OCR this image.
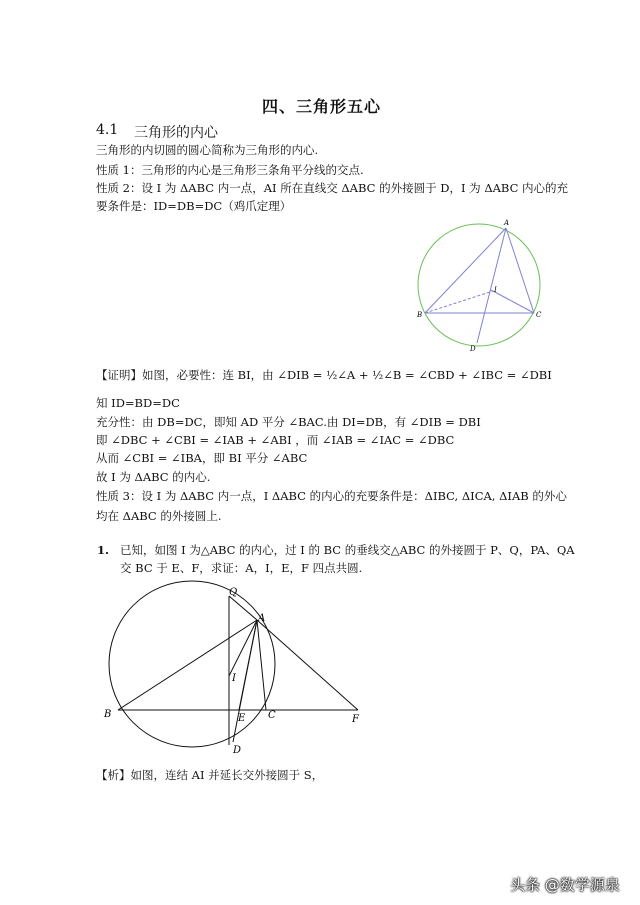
四、三角形五心
4.1 三角形的内心
三角形的内切圆的圆心简称为三角形的内心.
性质 1：三角形的内心是三角形三条角平分线的交点.
性质 2：设 I 为 ΔABC 内一点，AI 所在直线交 ΔABC 的外接圆于 D，I 为 ΔABC 内心的充
要条件是：ID=DB=DC（鸡爪定理）
A
I
B	C
D
【证明】如图，必要性：连 BI，由 ∠DIB = ½∠A + ½∠B = ∠CBD + ∠IBC = ∠DBI
知 ID=BD=DC
充分性：由 DB=DC，即知 AD 平分 ∠BAC.由 DI=DB，有 ∠DIB = DBI
即 ∠DBC + ∠CBI = ∠IAB + ∠ABI ，而 ∠IAB = ∠IAC = ∠DBC
从而 ∠CBI = ∠IBA，即 BI 平分 ∠ABC
故 I 为 ΔABC 的内心.
性质 3：设 I 为 ΔABC 内一点，I ΔABC 的内心的充要条件是：ΔIBC, ΔICA, ΔIAB 的外心
均在 ΔABC 的外接圆上.
1. 已知，如图 I 为△ABC 的内心，过 I 的 BC 的垂线交△ABC 的外接圆于 P、Q，PA、QA
交 BC 于 E、F，求证：A，I，E，F 四点共圆.
Q
A
I
B	E C	F
D
【析】如图，连结 AI 并延长交外接圆于 S，
头条 @数学源泉
